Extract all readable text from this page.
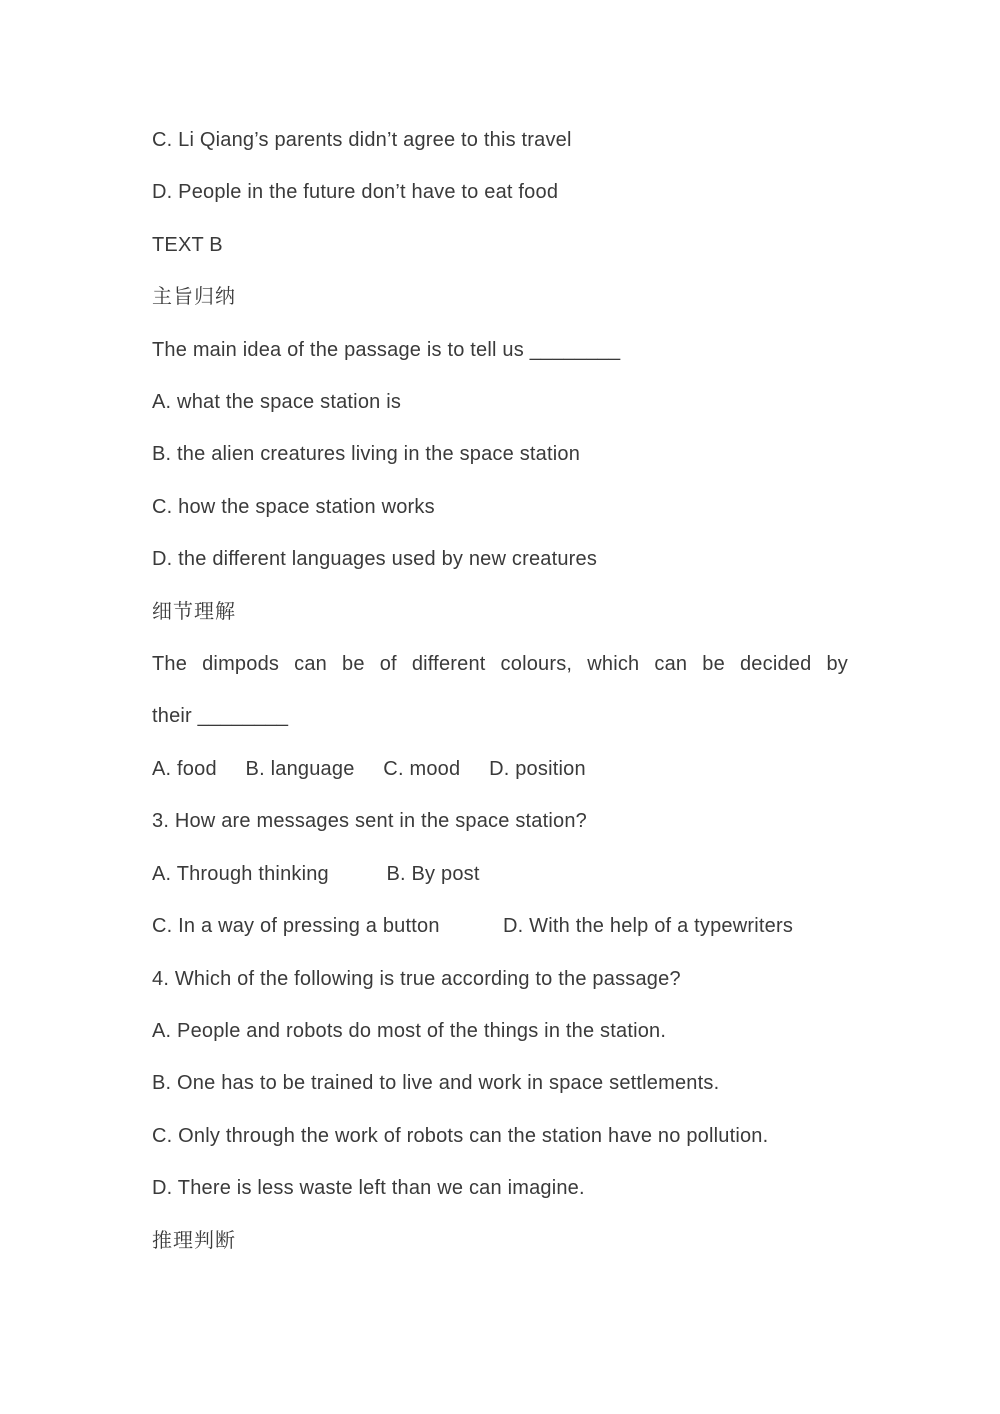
C. Li Qiang’s parents didn’t agree to this travel

D. People in the future don’t have to eat food

TEXT B

主旨归纳

The main idea of the passage is to tell us ________

A. what the space station is

B. the alien creatures living in the space station

C. how the space station works

D. the different languages used by new creatures

细节理解

The dimpods can be of different colours, which can be decided by

their ________

A. food     B. language     C. mood     D. position

3. How are messages sent in the space station?

A. Through thinking          B. By post

C. In a way of pressing a button           D. With the help of a typewriters

4. Which of the following is true according to the passage?

A. People and robots do most of the things in the station.

B. One has to be trained to live and work in space settlements.

C. Only through the work of robots can the station have no pollution.

D. There is less waste left than we can imagine.

推理判断
